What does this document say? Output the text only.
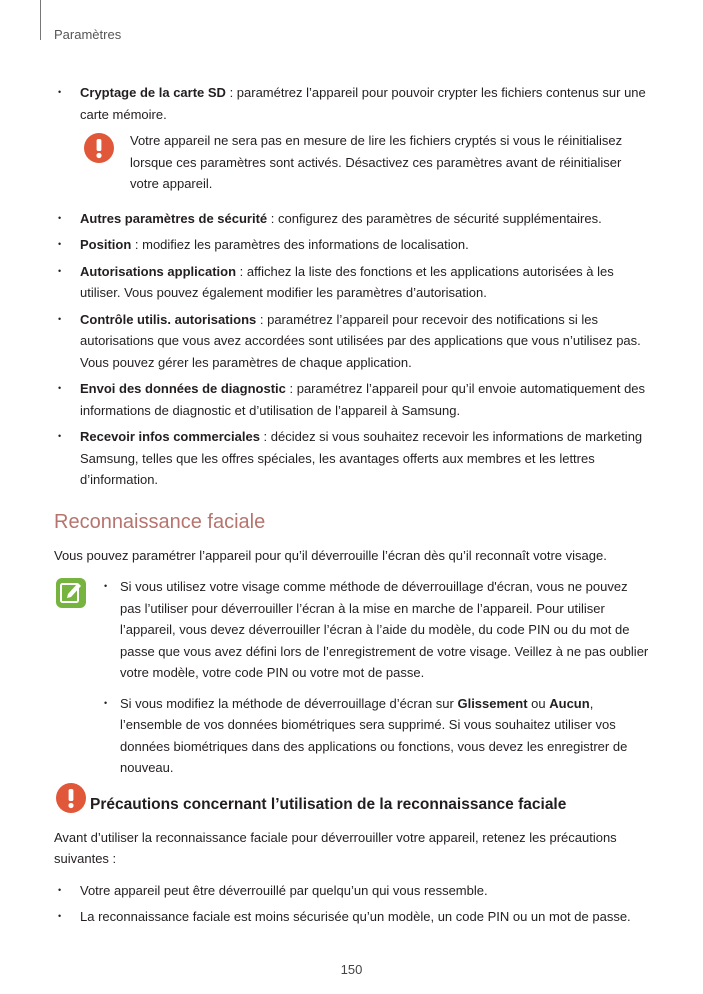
Paramètres
• Cryptage de la carte SD : paramétrez l’appareil pour pouvoir crypter les fichiers contenus sur une carte mémoire.
Votre appareil ne sera pas en mesure de lire les fichiers cryptés si vous le réinitialisez lorsque ces paramètres sont activés. Désactivez ces paramètres avant de réinitialiser votre appareil.
• Autres paramètres de sécurité : configurez des paramètres de sécurité supplémentaires.
• Position : modifiez les paramètres des informations de localisation.
• Autorisations application : affichez la liste des fonctions et les applications autorisées à les utiliser. Vous pouvez également modifier les paramètres d’autorisation.
• Contrôle utilis. autorisations : paramétrez l’appareil pour recevoir des notifications si les autorisations que vous avez accordées sont utilisées par des applications que vous n’utilisez pas. Vous pouvez gérer les paramètres de chaque application.
• Envoi des données de diagnostic : paramétrez l’appareil pour qu’il envoie automatiquement des informations de diagnostic et d’utilisation de l’appareil à Samsung.
• Recevoir infos commerciales : décidez si vous souhaitez recevoir les informations de marketing Samsung, telles que les offres spéciales, les avantages offerts aux membres et les lettres d’information.
Reconnaissance faciale

Vous pouvez paramétrer l’appareil pour qu’il déverrouille l’écran dès qu’il reconnaît votre visage.

• Si vous utilisez votre visage comme méthode de déverrouillage d'écran, vous ne pouvez pas l’utiliser pour déverrouiller l’écran à la mise en marche de l’appareil. Pour utiliser l’appareil, vous devez déverrouiller l’écran à l’aide du modèle, du code PIN ou du mot de passe que vous avez défini lors de l’enregistrement de votre visage. Veillez à ne pas oublier votre modèle, votre code PIN ou votre mot de passe.
• Si vous modifiez la méthode de déverrouillage d’écran sur Glissement ou Aucun, l’ensemble de vos données biométriques sera supprimé. Si vous souhaitez utiliser vos données biométriques dans des applications ou fonctions, vous devez les enregistrer de nouveau.
Précautions concernant l’utilisation de la reconnaissance faciale

Avant d’utiliser la reconnaissance faciale pour déverrouiller votre appareil, retenez les précautions suivantes :

• Votre appareil peut être déverrouillé par quelqu’un qui vous ressemble.
• La reconnaissance faciale est moins sécurisée qu’un modèle, un code PIN ou un mot de passe.
150
